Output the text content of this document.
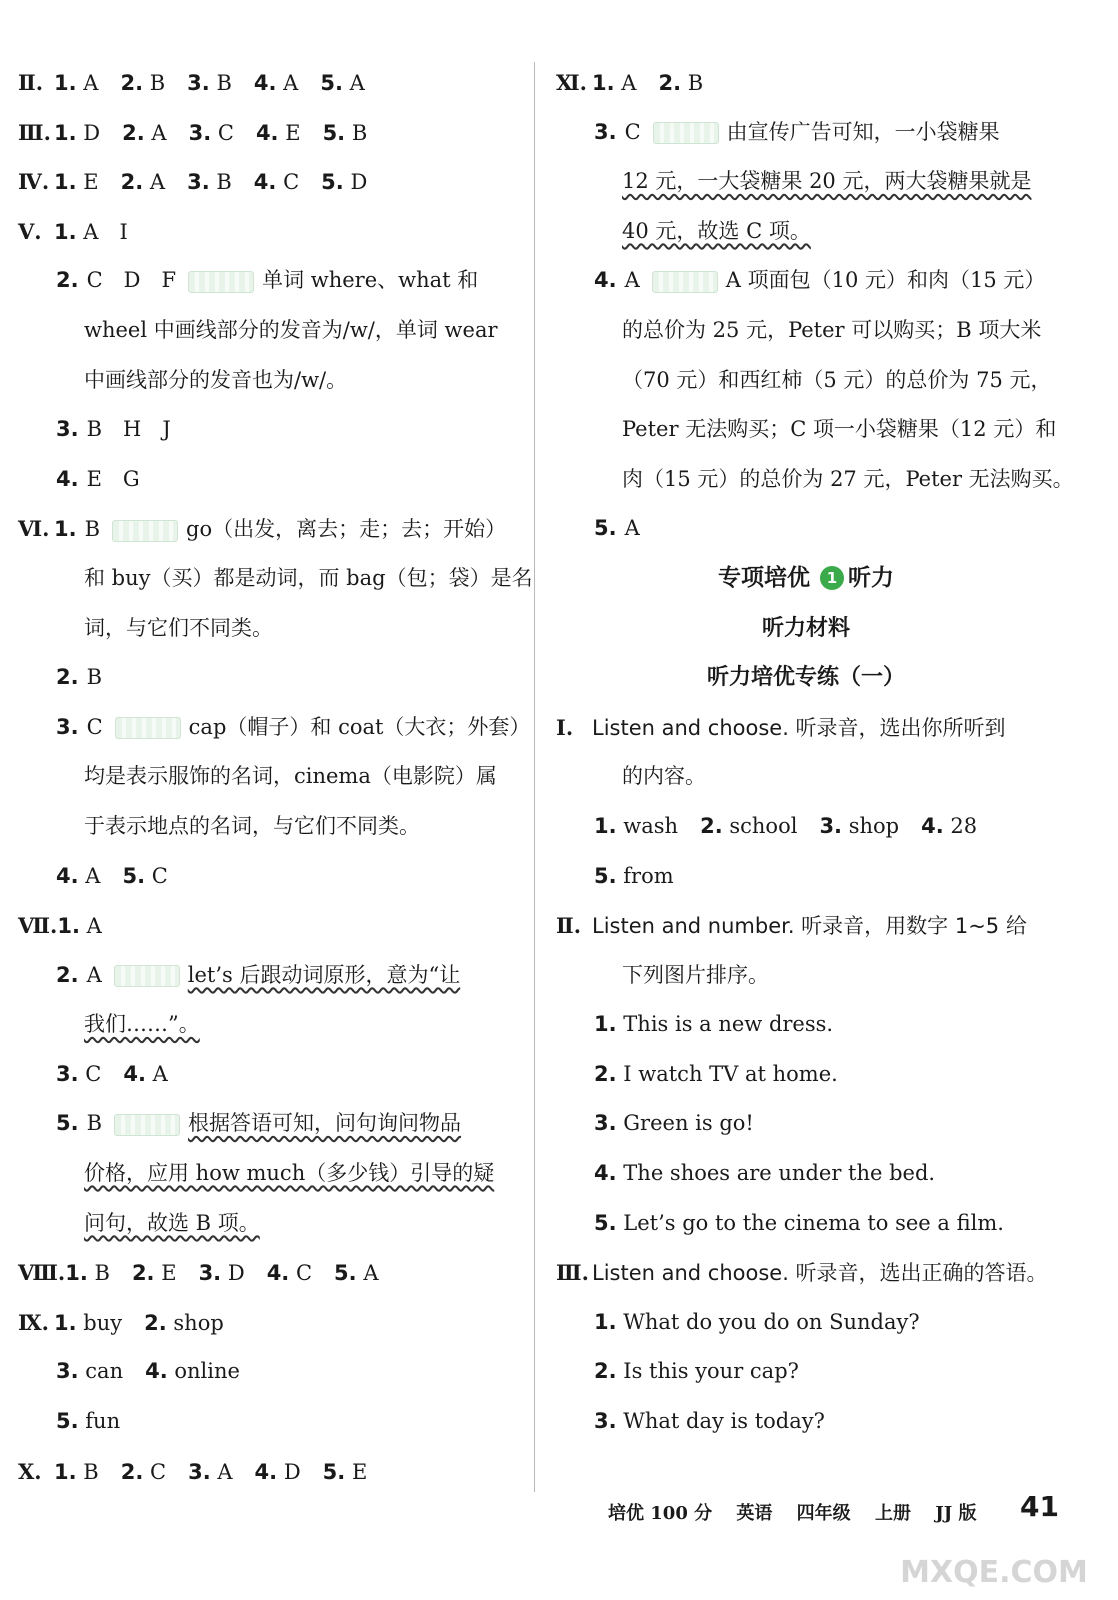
Ⅱ. 1. A 2. B 3. B 4. A 5. A
Ⅲ. 1. D 2. A 3. C 4. E 5. B
Ⅳ. 1. E 2. A 3. B 4. C 5. D
Ⅴ. 1. A　I
2. C　D　F	单词 where、what 和
wheel 中画线部分的发音为/w/，单词 wear
中画线部分的发音也为/w/。
3. B　H　J
4. E　G
Ⅵ. 1. B	go（出发，离去；走；去；开始）
和 buy（买）都是动词，而 bag（包；袋）是名
词，与它们不同类。
2. B
3. C	cap（帽子）和 coat（大衣；外套）
均是表示服饰的名词，cinema（电影院）属
于表示地点的名词，与它们不同类。
4. A 5. C
Ⅶ.1. A
2. A	let’s 后跟动词原形，意为“让
我们……”。
3. C 4. A
5. B	根据答语可知，问句询问物品
价格，应用 how much（多少钱）引导的疑
问句，故选 B 项。
Ⅷ.1. B 2. E 3. D 4. C 5. A
Ⅸ. 1. buy 2. shop
3. can 4. online
5. fun
Ⅹ. 1. B 2. C 3. A 4. D 5. E
Ⅺ. 1. A 2. B
3. C	由宣传广告可知，一小袋糖果
12 元，一大袋糖果 20 元，两大袋糖果就是
40 元，故选 C 项。
4. A	A 项面包（10 元）和肉（15 元）
的总价为 25 元，Peter 可以购买；B 项大米
（70 元）和西红柿（5 元）的总价为 75 元，
Peter 无法购买；C 项一小袋糖果（12 元）和
肉（15 元）的总价为 27 元，Peter 无法购买。
5. A
专项培优 1 听力
听力材料
听力培优专练（一）
Ⅰ. Listen and choose. 听录音，选出你所听到
的内容。
1. wash 2. school 3. shop 4. 28
5. from
Ⅱ. Listen and number. 听录音，用数字 1~5 给
下列图片排序。
1. This is a new dress.
2. I watch TV at home.
3. Green is go!
4. The shoes are under the bed.
5. Let’s go to the cinema to see a film.
Ⅲ. Listen and choose. 听录音，选出正确的答语。
1. What do you do on Sunday?
2. Is this your cap?
3. What day is today?
培优 100 分 英语 四年级 上册 JJ 版	41
MXQE.COM
